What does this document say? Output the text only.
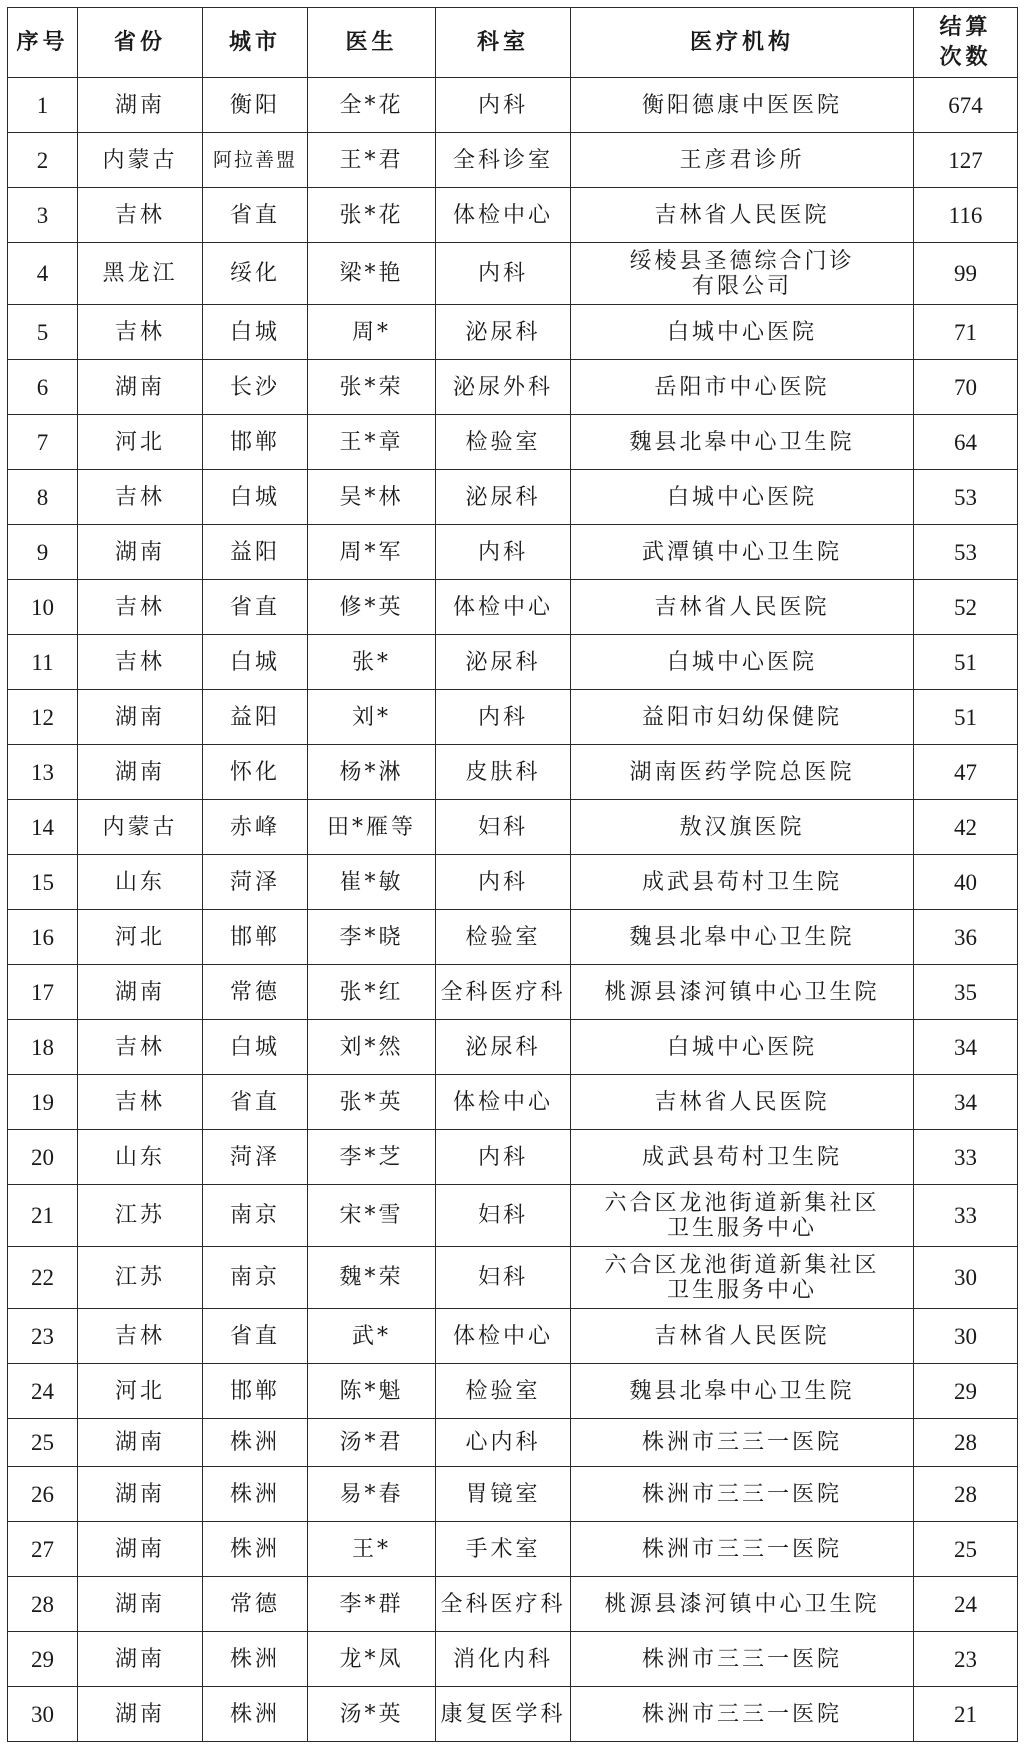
序号	省份	城市	医生	科室	医疗机构	结算
次数
1	湖南	衡阳	全*花	内科	衡阳德康中医医院	674
2	内蒙古	阿拉善盟	王*君	全科诊室	王彦君诊所	127
3	吉林	省直	张*花	体检中心	吉林省人民医院	116
4	黑龙江	绥化	梁*艳	内科	绥棱县圣德综合门诊
有限公司	99
5	吉林	白城	周*	泌尿科	白城中心医院	71
6	湖南	长沙	张*荣	泌尿外科	岳阳市中心医院	70
7	河北	邯郸	王*章	检验室	魏县北皋中心卫生院	64
8	吉林	白城	吴*林	泌尿科	白城中心医院	53
9	湖南	益阳	周*军	内科	武潭镇中心卫生院	53
10	吉林	省直	修*英	体检中心	吉林省人民医院	52
11	吉林	白城	张*	泌尿科	白城中心医院	51
12	湖南	益阳	刘*	内科	益阳市妇幼保健院	51
13	湖南	怀化	杨*淋	皮肤科	湖南医药学院总医院	47
14	内蒙古	赤峰	田*雁等	妇科	敖汉旗医院	42
15	山东	菏泽	崔*敏	内科	成武县苟村卫生院	40
16	河北	邯郸	李*晓	检验室	魏县北皋中心卫生院	36
17	湖南	常德	张*红	全科医疗科	桃源县漆河镇中心卫生院	35
18	吉林	白城	刘*然	泌尿科	白城中心医院	34
19	吉林	省直	张*英	体检中心	吉林省人民医院	34
20	山东	菏泽	李*芝	内科	成武县苟村卫生院	33
21	江苏	南京	宋*雪	妇科	六合区龙池街道新集社区
卫生服务中心	33
22	江苏	南京	魏*荣	妇科	六合区龙池街道新集社区
卫生服务中心	30
23	吉林	省直	武*	体检中心	吉林省人民医院	30
24	河北	邯郸	陈*魁	检验室	魏县北皋中心卫生院	29
25	湖南	株洲	汤*君	心内科	株洲市三三一医院	28
26	湖南	株洲	易*春	胃镜室	株洲市三三一医院	28
27	湖南	株洲	王*	手术室	株洲市三三一医院	25
28	湖南	常德	李*群	全科医疗科	桃源县漆河镇中心卫生院	24
29	湖南	株洲	龙*凤	消化内科	株洲市三三一医院	23
30	湖南	株洲	汤*英	康复医学科	株洲市三三一医院	21
